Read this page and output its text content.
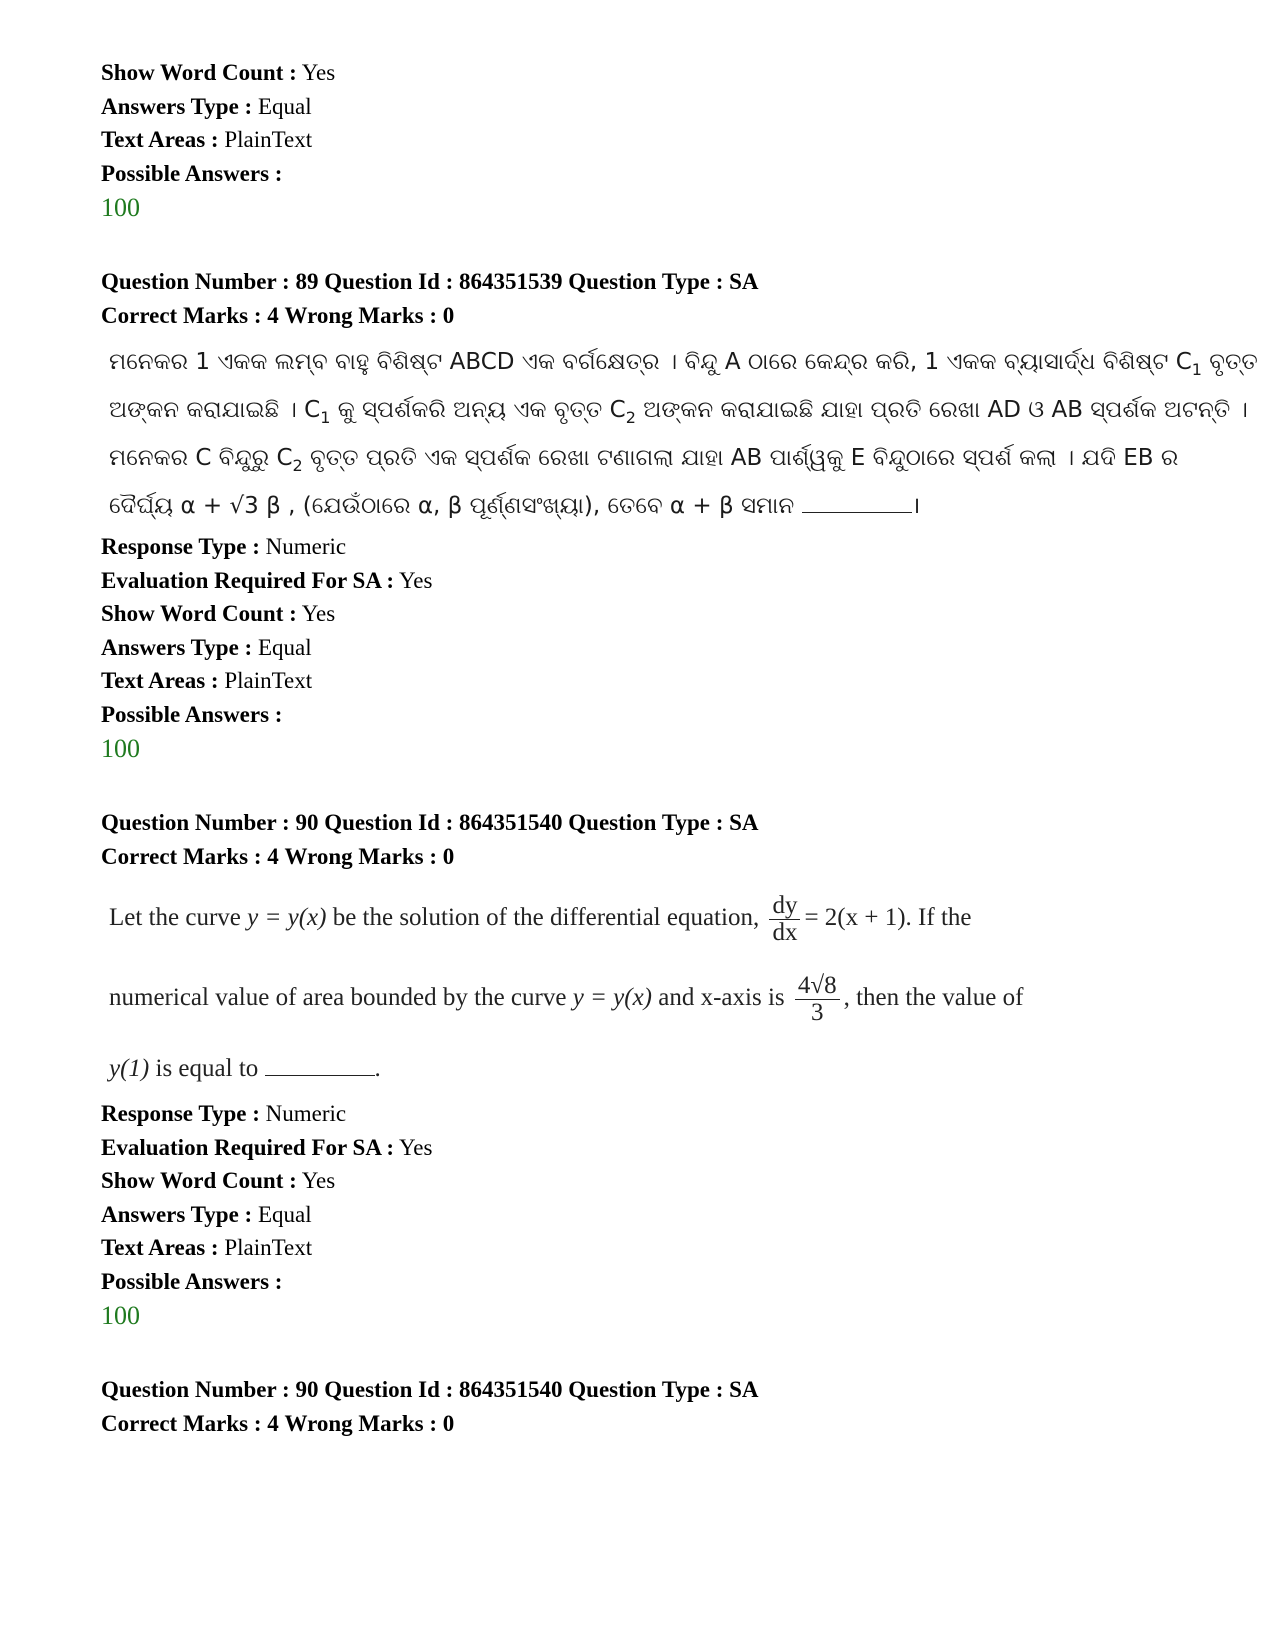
Show Word Count : Yes
Answers Type : Equal
Text Areas : PlainText
Possible Answers :
100
Question Number : 89 Question Id : 864351539 Question Type : SA
Correct Marks : 4 Wrong Marks : 0
ମନେକର 1 ଏକକ ଲମ୍ବ ବାହୁ ବିଶିଷ୍ଟ ABCD ଏକ ବର୍ଗକ୍ଷେତ୍ର । ବିନ୍ଦୁ A ଠାରେ କେନ୍ଦ୍ର କରି, 1 ଏକକ ବ୍ୟାସାର୍ଦ୍ଧ ବିଶିଷ୍ଟ $C_1$ ବୃତ୍ତ
ଅଙ୍କନ କରାଯାଇଛି । $C_1$ କୁ ସ୍ପର୍ଶକରି ଅନ୍ୟ ଏକ ବୃତ୍ତ $C_2$ ଅଙ୍କନ କରାଯାଇଛି ଯାହା ପ୍ରତି ରେଖା AD ଓ AB ସ୍ପର୍ଶକ ଅଟନ୍ତି ।
ମନେକର C ବିନ୍ଦୁରୁ $C_2$ ବୃତ୍ତ ପ୍ରତି ଏକ ସ୍ପର୍ଶକ ରେଖା ଟଣାଗଲା ଯାହା AB ପାର୍ଶ୍ୱକୁ E ବିନ୍ଦୁଠାରେ ସ୍ପର୍ଶ କଲା । ଯଦି EB ର
ଦୈର୍ଘ୍ୟ α + √3 β , (ଯେଉଁଠାରେ α, β ପୂର୍ଣ୍ଣସଂଖ୍ୟା), ତେବେ α + β ସମାନ	।
Response Type : Numeric
Evaluation Required For SA : Yes
Show Word Count : Yes
Answers Type : Equal
Text Areas : PlainText
Possible Answers :
100
Question Number : 90 Question Id : 864351540 Question Type : SA
Correct Marks : 4 Wrong Marks : 0
Let the curve y = y(x) be the solution of the differential equation, $\frac{dy}{dx} = 2(x + 1)$. If the
numerical value of area bounded by the curve y = y(x) and x-axis is $\frac{4√8}{3}$ , then the value of
y(1) is equal to	.
Response Type : Numeric
Evaluation Required For SA : Yes
Show Word Count : Yes
Answers Type : Equal
Text Areas : PlainText
Possible Answers :
100
Question Number : 90 Question Id : 864351540 Question Type : SA
Correct Marks : 4 Wrong Marks : 0
